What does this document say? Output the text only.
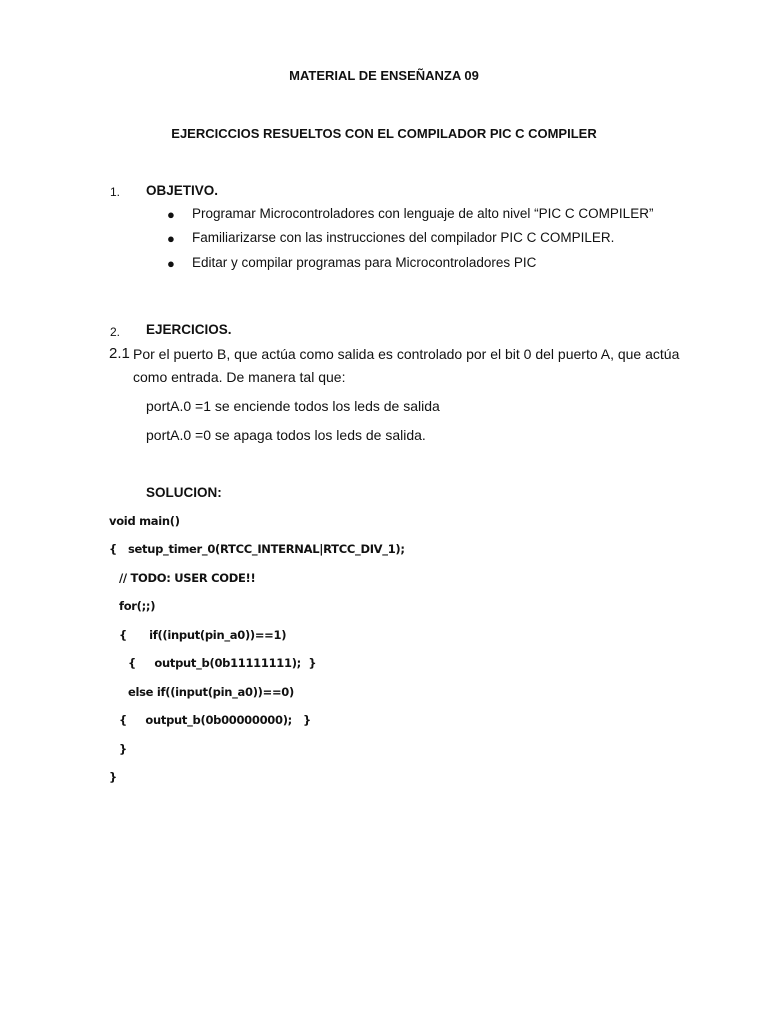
MATERIAL DE ENSEÑANZA 09
EJERCICCIOS RESUELTOS CON EL COMPILADOR PIC C COMPILER
1. OBJETIVO.
● Programar Microcontroladores con lenguaje de alto nivel “PIC C COMPILER”
● Familiarizarse con las instrucciones del compilador PIC C COMPILER.
● Editar y compilar programas para Microcontroladores PIC
2. EJERCICIOS.
2.1 Por el puerto B, que actúa como salida es controlado por el bit 0 del puerto A, que actúa
como entrada. De manera tal que:
portA.0 =1 se enciende todos los leds de salida
portA.0 =0 se apaga todos los leds de salida.
SOLUCION:
void main()
{   setup_timer_0(RTCC_INTERNAL|RTCC_DIV_1);
// TODO: USER CODE!!
for(;;)
{      if((input(pin_a0))==1)
{     output_b(0b11111111);  }
else if((input(pin_a0))==0)
{     output_b(0b00000000);   }
}
}
